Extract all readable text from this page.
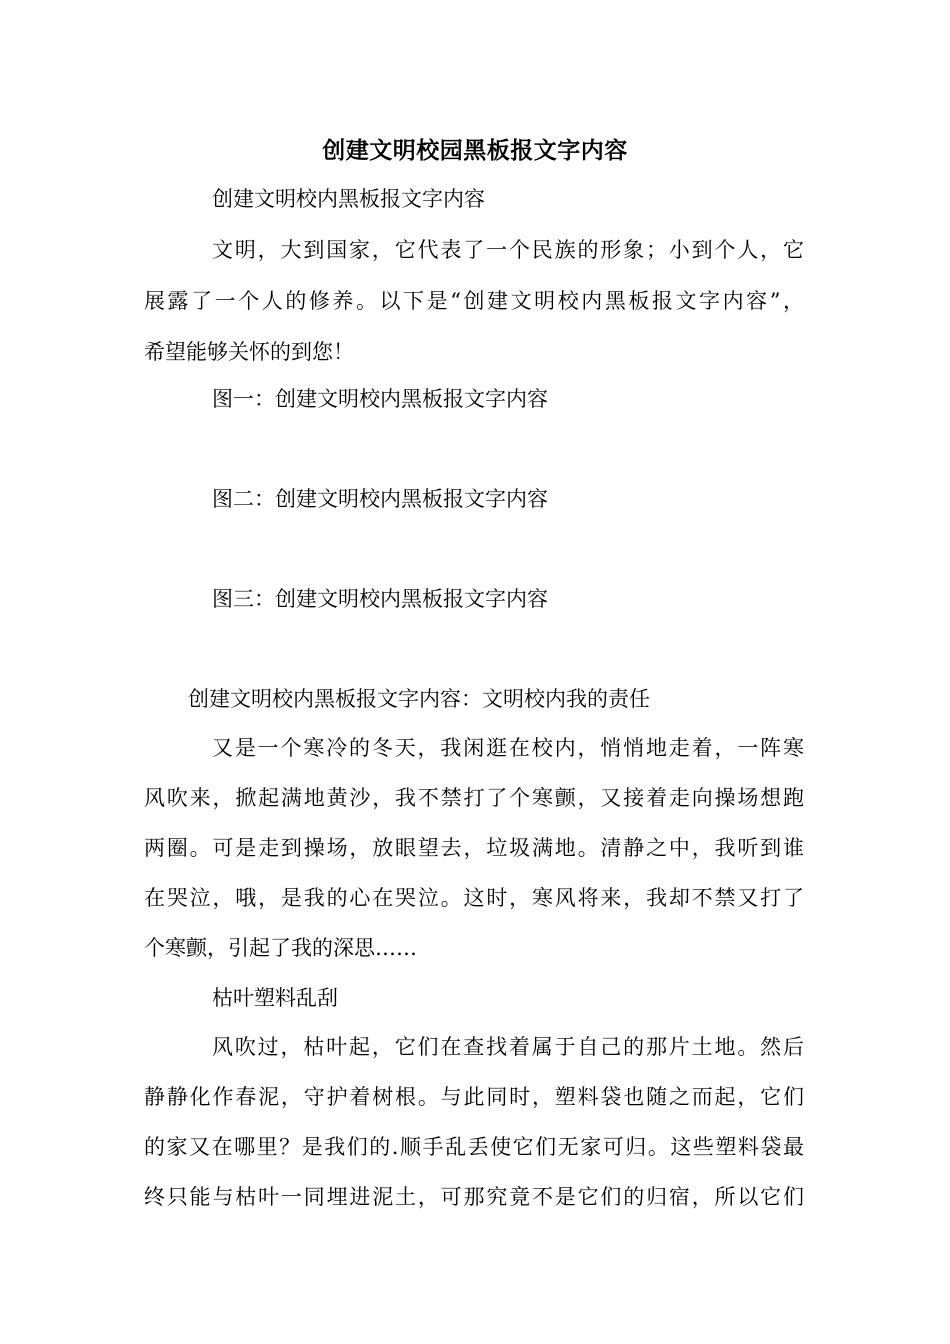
创建文明校园黑板报文字内容
创建文明校内黑板报文字内容
文明，大到国家，它代表了一个民族的形象；小到个人，它
展露了一个人的修养。以下是“创建文明校内黑板报文字内容”，
希望能够关怀的到您！
图一：创建文明校内黑板报文字内容
图二：创建文明校内黑板报文字内容
图三：创建文明校内黑板报文字内容
创建文明校内黑板报文字内容：文明校内我的责任
又是一个寒冷的冬天，我闲逛在校内，悄悄地走着，一阵寒
风吹来，掀起满地黄沙，我不禁打了个寒颤，又接着走向操场想跑
两圈。可是走到操场，放眼望去，垃圾满地。清静之中，我听到谁
在哭泣，哦，是我的心在哭泣。这时，寒风将来，我却不禁又打了
个寒颤，引起了我的深思……
枯叶塑料乱刮
风吹过，枯叶起，它们在查找着属于自己的那片土地。然后
静静化作春泥，守护着树根。与此同时，塑料袋也随之而起，它们
的家又在哪里？是我们的.顺手乱丢使它们无家可归。这些塑料袋最
终只能与枯叶一同埋进泥土，可那究竟不是它们的归宿，所以它们
